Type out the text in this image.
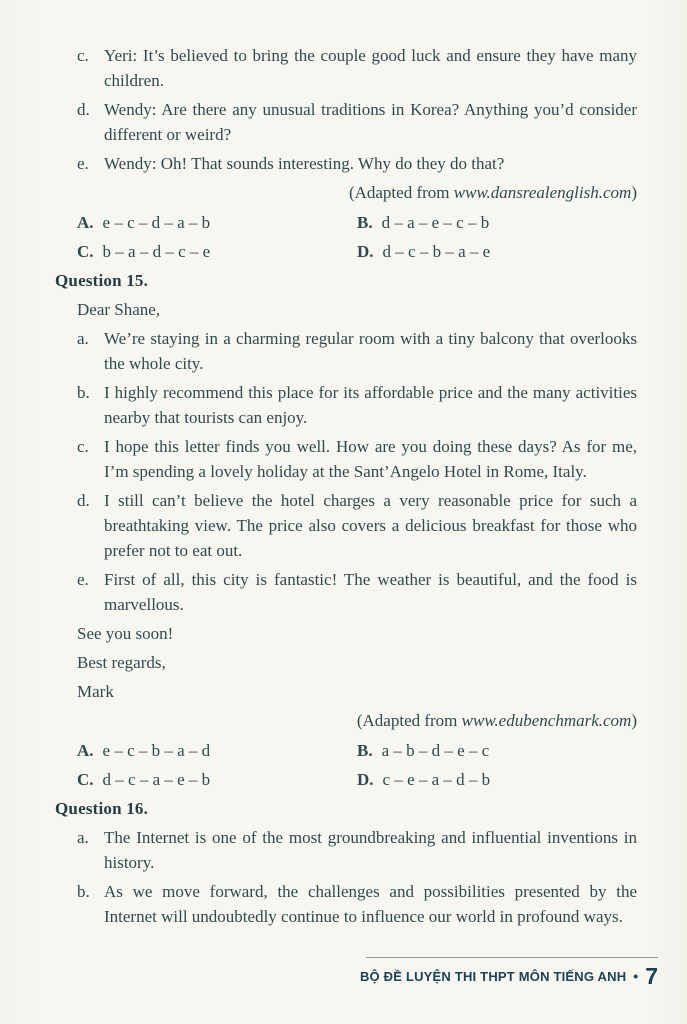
c. Yeri: It’s believed to bring the couple good luck and ensure they have many children.
d. Wendy: Are there any unusual traditions in Korea? Anything you’d consider different or weird?
e. Wendy: Oh! That sounds interesting. Why do they do that?
(Adapted from www.dansrealenglish.com)
A. e – c – d – a – b	B. d – a – e – c – b
C. b – a – d – c – e	D. d – c – b – a – e
Question 15.
Dear Shane,
a. We’re staying in a charming regular room with a tiny balcony that overlooks the whole city.
b. I highly recommend this place for its affordable price and the many activities nearby that tourists can enjoy.
c. I hope this letter finds you well. How are you doing these days? As for me, I’m spending a lovely holiday at the Sant’Angelo Hotel in Rome, Italy.
d. I still can’t believe the hotel charges a very reasonable price for such a breathtaking view. The price also covers a delicious breakfast for those who prefer not to eat out.
e. First of all, this city is fantastic! The weather is beautiful, and the food is marvellous.
See you soon!
Best regards,
Mark
(Adapted from www.edubenchmark.com)
A. e – c – b – a – d	B. a – b – d – e – c
C. d – c – a – e – b	D. c – e – a – d – b
Question 16.
a. The Internet is one of the most groundbreaking and influential inventions in history.
b. As we move forward, the challenges and possibilities presented by the Internet will undoubtedly continue to influence our world in profound ways.
BỘ ĐỀ LUYỆN THI THPT MÔN TIẾNG ANH • 7
